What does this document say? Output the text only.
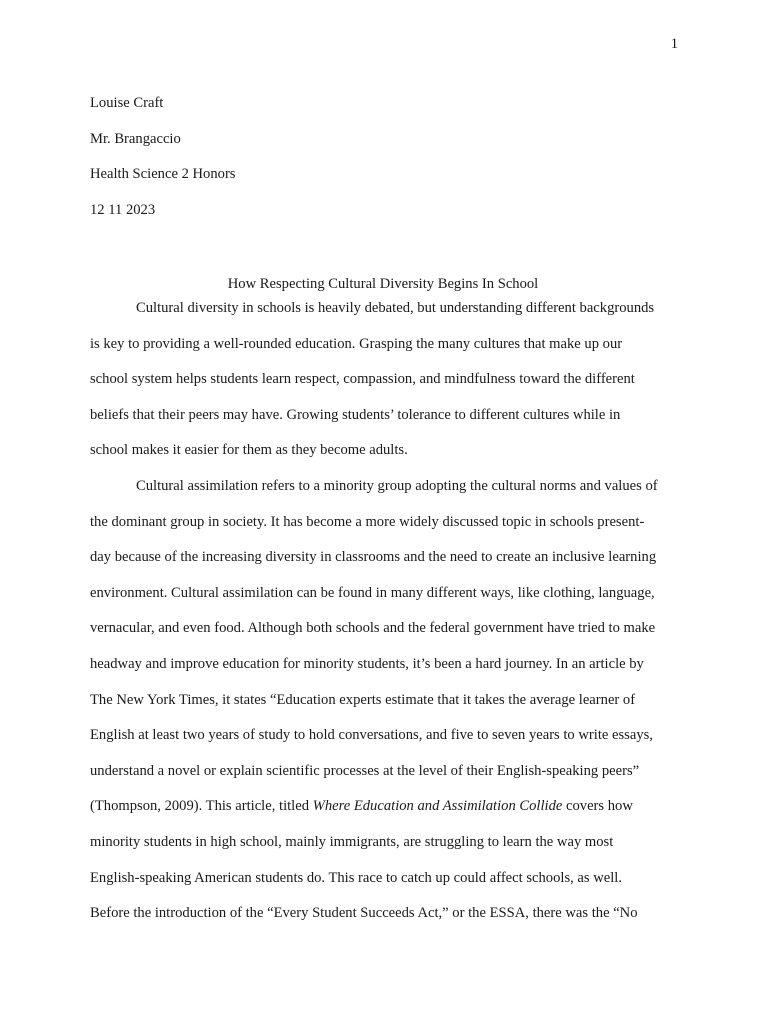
1
Louise Craft
Mr. Brangaccio
Health Science 2 Honors
12 11 2023
How Respecting Cultural Diversity Begins In School
Cultural diversity in schools is heavily debated, but understanding different backgrounds
is key to providing a well-rounded education. Grasping the many cultures that make up our
school system helps students learn respect, compassion, and mindfulness toward the different
beliefs that their peers may have. Growing students’ tolerance to different cultures while in
school makes it easier for them as they become adults.
Cultural assimilation refers to a minority group adopting the cultural norms and values of
the dominant group in society. It has become a more widely discussed topic in schools present-
day because of the increasing diversity in classrooms and the need to create an inclusive learning
environment. Cultural assimilation can be found in many different ways, like clothing, language,
vernacular, and even food. Although both schools and the federal government have tried to make
headway and improve education for minority students, it’s been a hard journey. In an article by
The New York Times, it states “Education experts estimate that it takes the average learner of
English at least two years of study to hold conversations, and five to seven years to write essays,
understand a novel or explain scientific processes at the level of their English-speaking peers”
(Thompson, 2009). This article, titled Where Education and Assimilation Collide covers how
minority students in high school, mainly immigrants, are struggling to learn the way most
English-speaking American students do. This race to catch up could affect schools, as well.
Before the introduction of the “Every Student Succeeds Act,” or the ESSA, there was the “No
